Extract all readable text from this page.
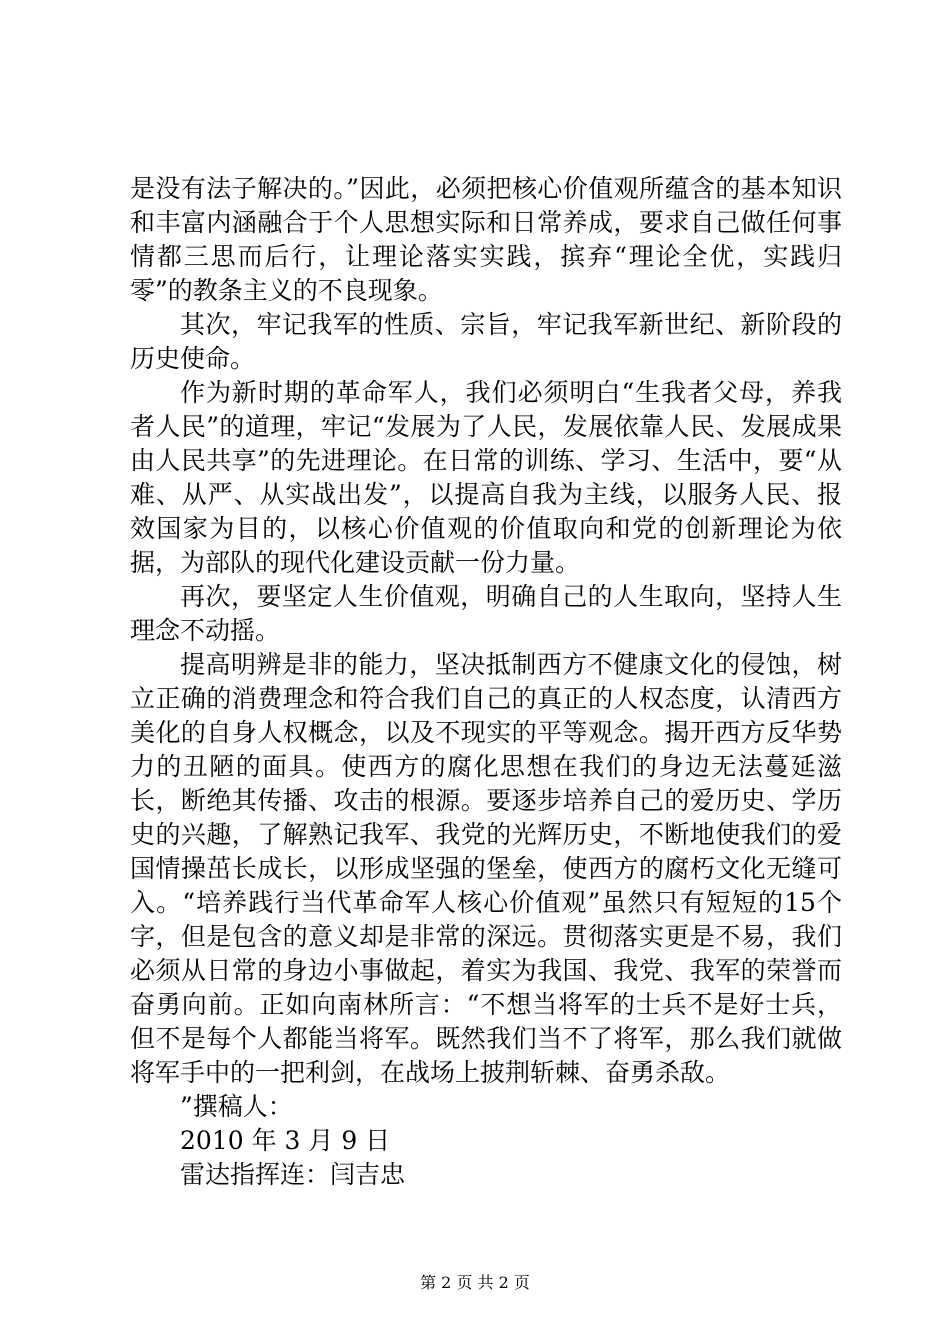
是没有法子解决的。”因此，必须把核心价值观所蕴含的基本知识和丰富内涵融合于个人思想实际和日常养成，要求自己做任何事情都三思而后行，让理论落实实践，摈弃“理论全优，实践归零”的教条主义的不良现象。

其次，牢记我军的性质、宗旨，牢记我军新世纪、新阶段的历史使命。

作为新时期的革命军人，我们必须明白“生我者父母，养我者人民”的道理，牢记“发展为了人民，发展依靠人民、发展成果由人民共享”的先进理论。在日常的训练、学习、生活中，要“从难、从严、从实战出发”，以提高自我为主线，以服务人民、报效国家为目的，以核心价值观的价值取向和党的创新理论为依据，为部队的现代化建设贡献一份力量。

再次，要坚定人生价值观，明确自己的人生取向，坚持人生理念不动摇。

提高明辨是非的能力，坚决抵制西方不健康文化的侵蚀，树立正确的消费理念和符合我们自己的真正的人权态度，认清西方美化的自身人权概念，以及不现实的平等观念。揭开西方反华势力的丑陋的面具。使西方的腐化思想在我们的身边无法蔓延滋长，断绝其传播、攻击的根源。要逐步培养自己的爱历史、学历史的兴趣，了解熟记我军、我党的光辉历史，不断地使我们的爱国情操茁长成长，以形成坚强的堡垒，使西方的腐朽文化无缝可入。“培养践行当代革命军人核心价值观”虽然只有短短的15个字，但是包含的意义却是非常的深远。贯彻落实更是不易，我们必须从日常的身边小事做起，着实为我国、我党、我军的荣誉而奋勇向前。正如向南林所言：“不想当将军的士兵不是好士兵，但不是每个人都能当将军。既然我们当不了将军，那么我们就做将军手中的一把利剑，在战场上披荆斩棘、奋勇杀敌。

”撰稿人：

2010 年 3 月 9 日

雷达指挥连：闫吉忠

第 2 页 共 2 页
